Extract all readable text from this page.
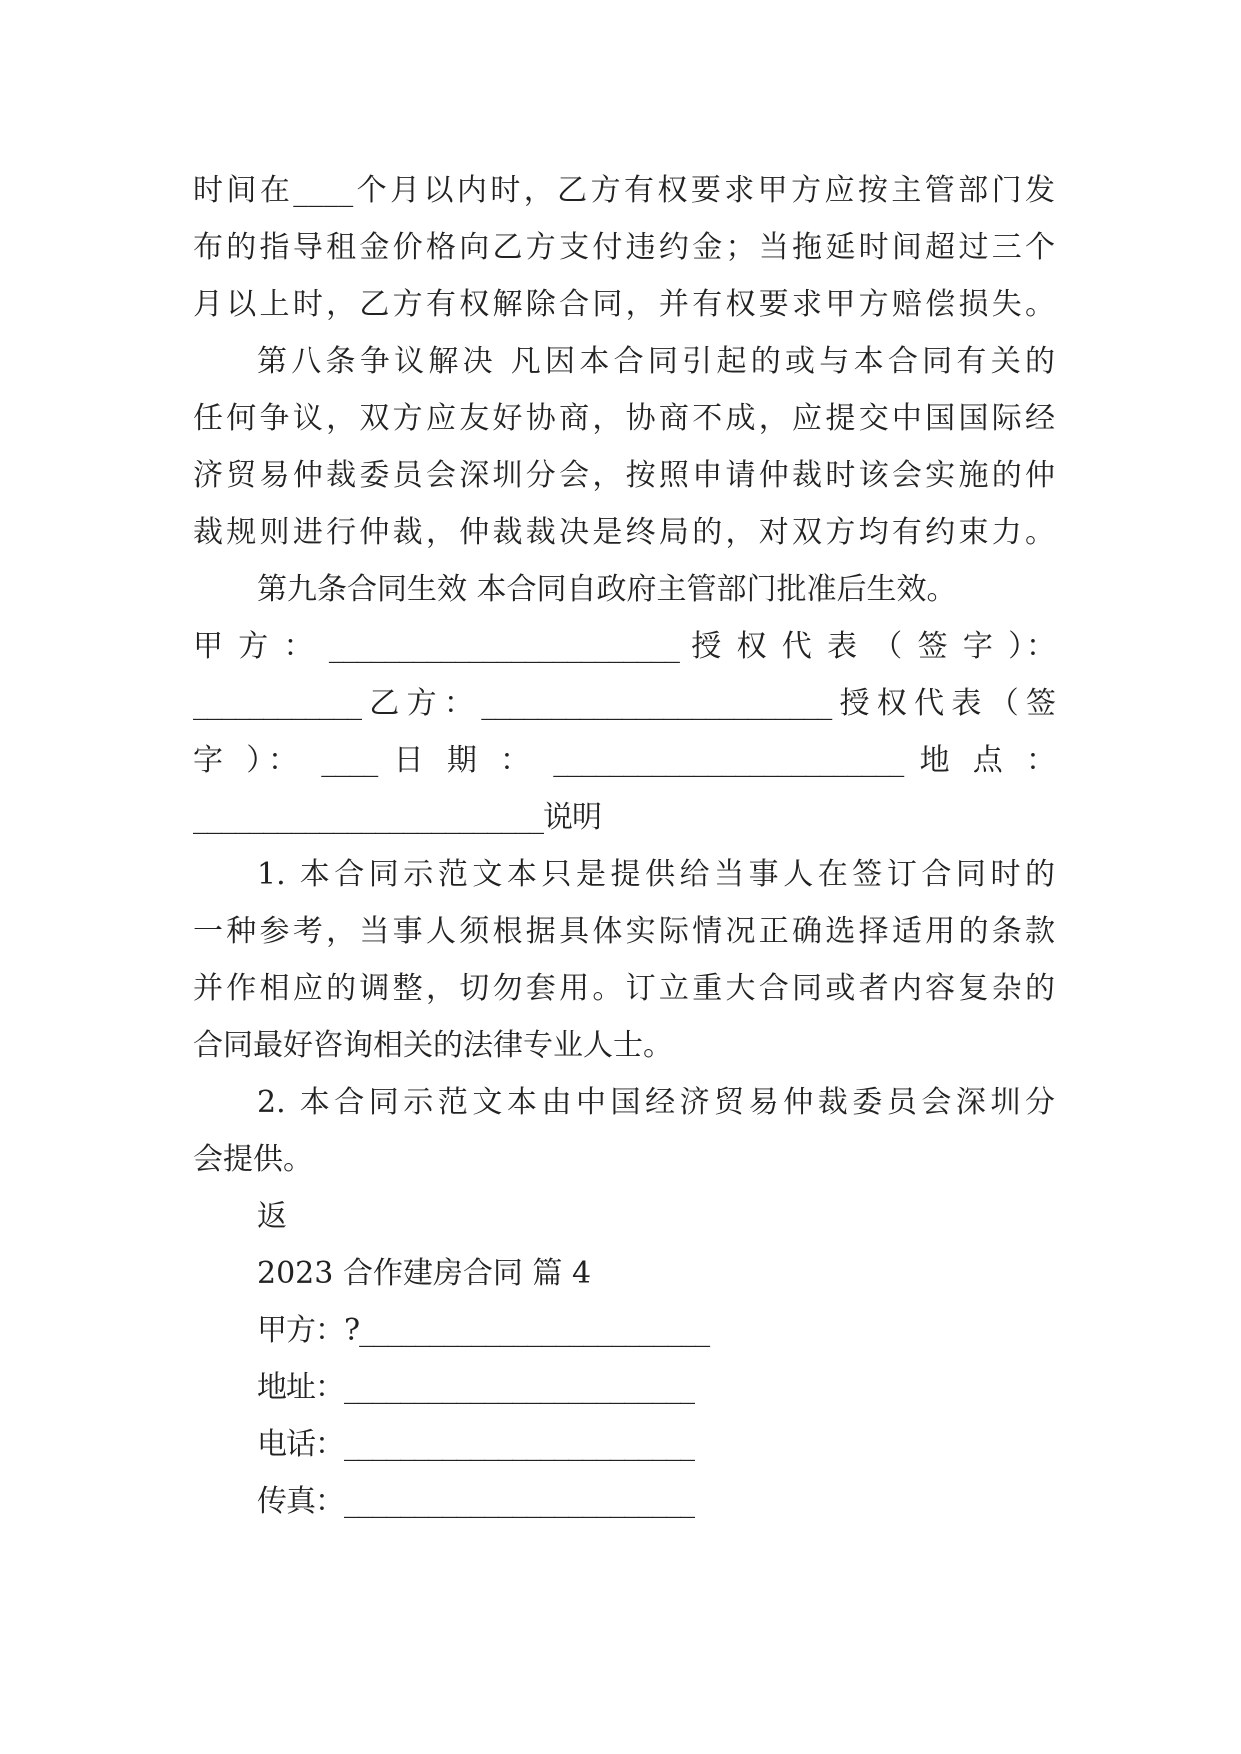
时间在____个月以内时，乙方有权要求甲方应按主管部门发
布的指导租金价格向乙方支付违约金；当拖延时间超过三个
月以上时，乙方有权解除合同，并有权要求甲方赔偿损失。
第八条争议解决 凡因本合同引起的或与本合同有关的
任何争议，双方应友好协商，协商不成，应提交中国国际经
济贸易仲裁委员会深圳分会，按照申请仲裁时该会实施的仲
裁规则进行仲裁，仲裁裁决是终局的，对双方均有约束力。
第九条合同生效 本合同自政府主管部门批准后生效。
甲 方 ： _________________________ 授 权 代 表 （ 签 字 ）：
____________乙方：_________________________授权代表（签
字 ）： ____ 日 期 ： _________________________ 地 点 ：
_________________________说明
1. 本合同示范文本只是提供给当事人在签订合同时的
一种参考，当事人须根据具体实际情况正确选择适用的条款
并作相应的调整，切勿套用。订立重大合同或者内容复杂的
合同最好咨询相关的法律专业人士。
2. 本合同示范文本由中国经济贸易仲裁委员会深圳分
会提供。
返
2023 合作建房合同 篇 4
甲方：?_________________________
地址：_________________________
电话：_________________________
传真：_________________________
